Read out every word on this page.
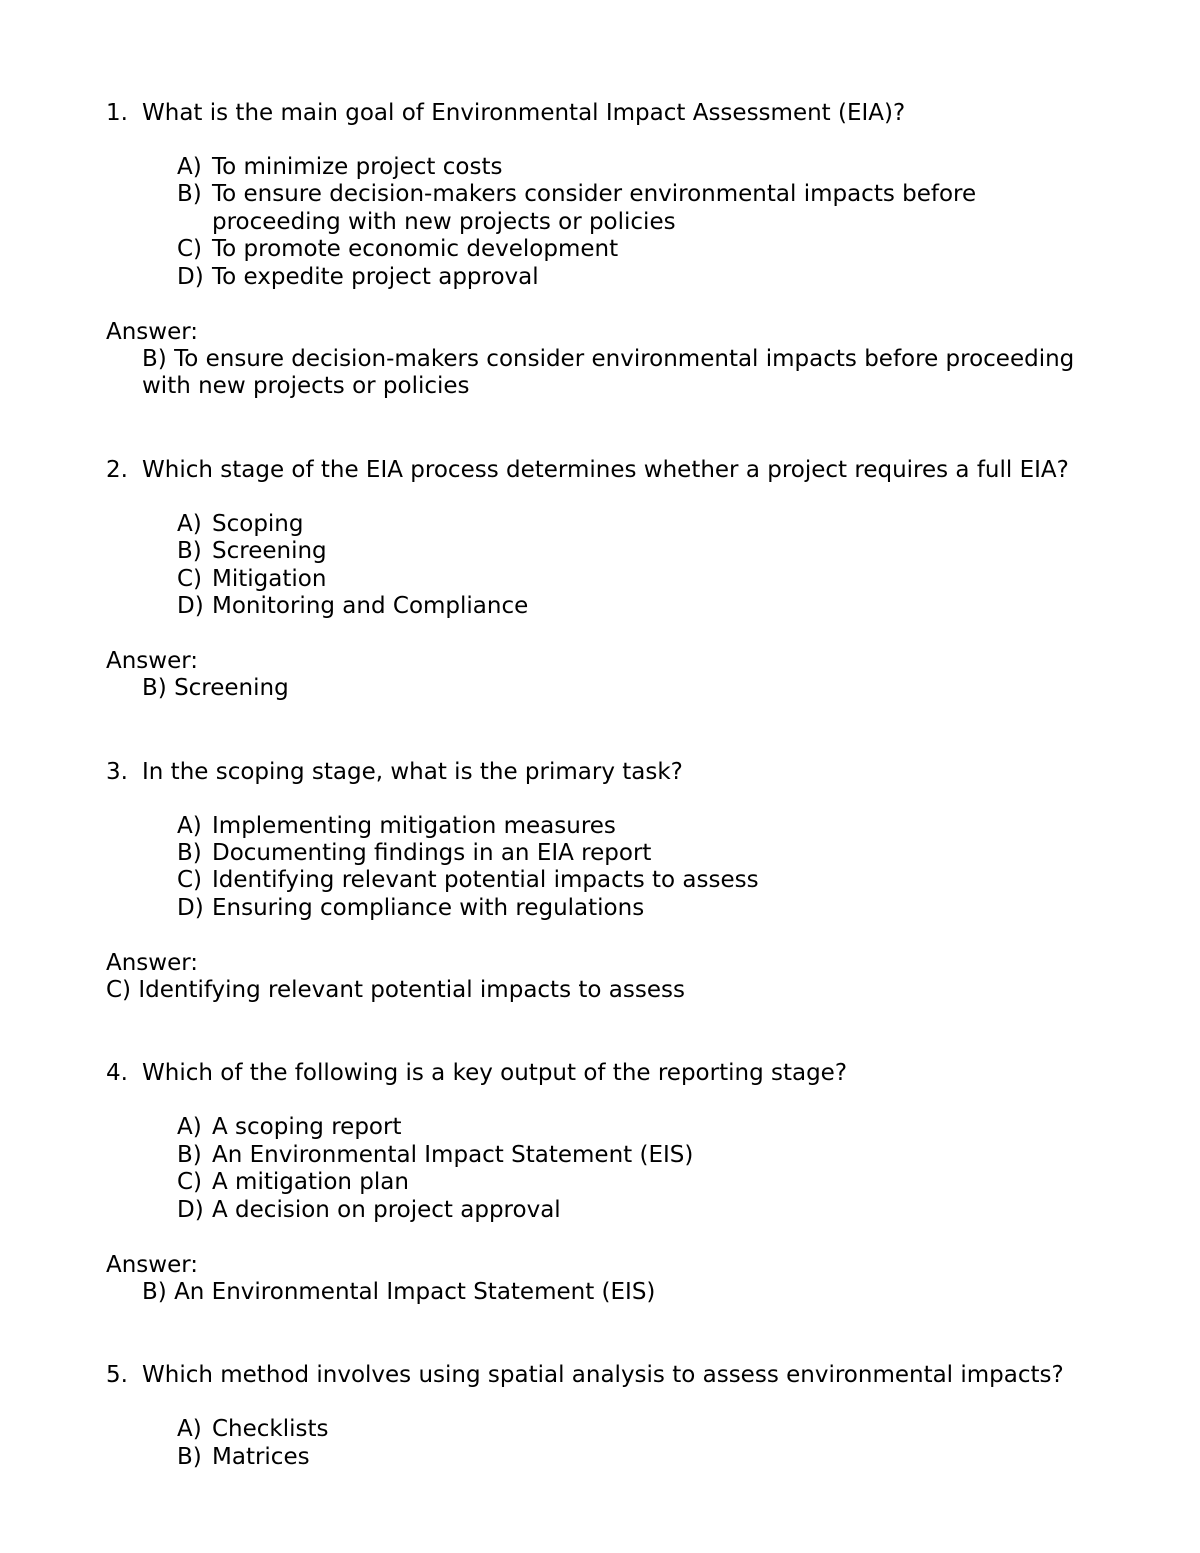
1. What is the main goal of Environmental Impact Assessment (EIA)?
A) To minimize project costs
B) To ensure decision-makers consider environmental impacts before
proceeding with new projects or policies
C) To promote economic development
D) To expedite project approval
Answer:
B) To ensure decision-makers consider environmental impacts before proceeding
with new projects or policies
2. Which stage of the EIA process determines whether a project requires a full EIA?
A) Scoping
B) Screening
C) Mitigation
D) Monitoring and Compliance
Answer:
B) Screening
3. In the scoping stage, what is the primary task?
A) Implementing mitigation measures
B) Documenting findings in an EIA report
C) Identifying relevant potential impacts to assess
D) Ensuring compliance with regulations
Answer:
C) Identifying relevant potential impacts to assess
4. Which of the following is a key output of the reporting stage?
A) A scoping report
B) An Environmental Impact Statement (EIS)
C) A mitigation plan
D) A decision on project approval
Answer:
B) An Environmental Impact Statement (EIS)
5. Which method involves using spatial analysis to assess environmental impacts?
A) Checklists
B) Matrices
